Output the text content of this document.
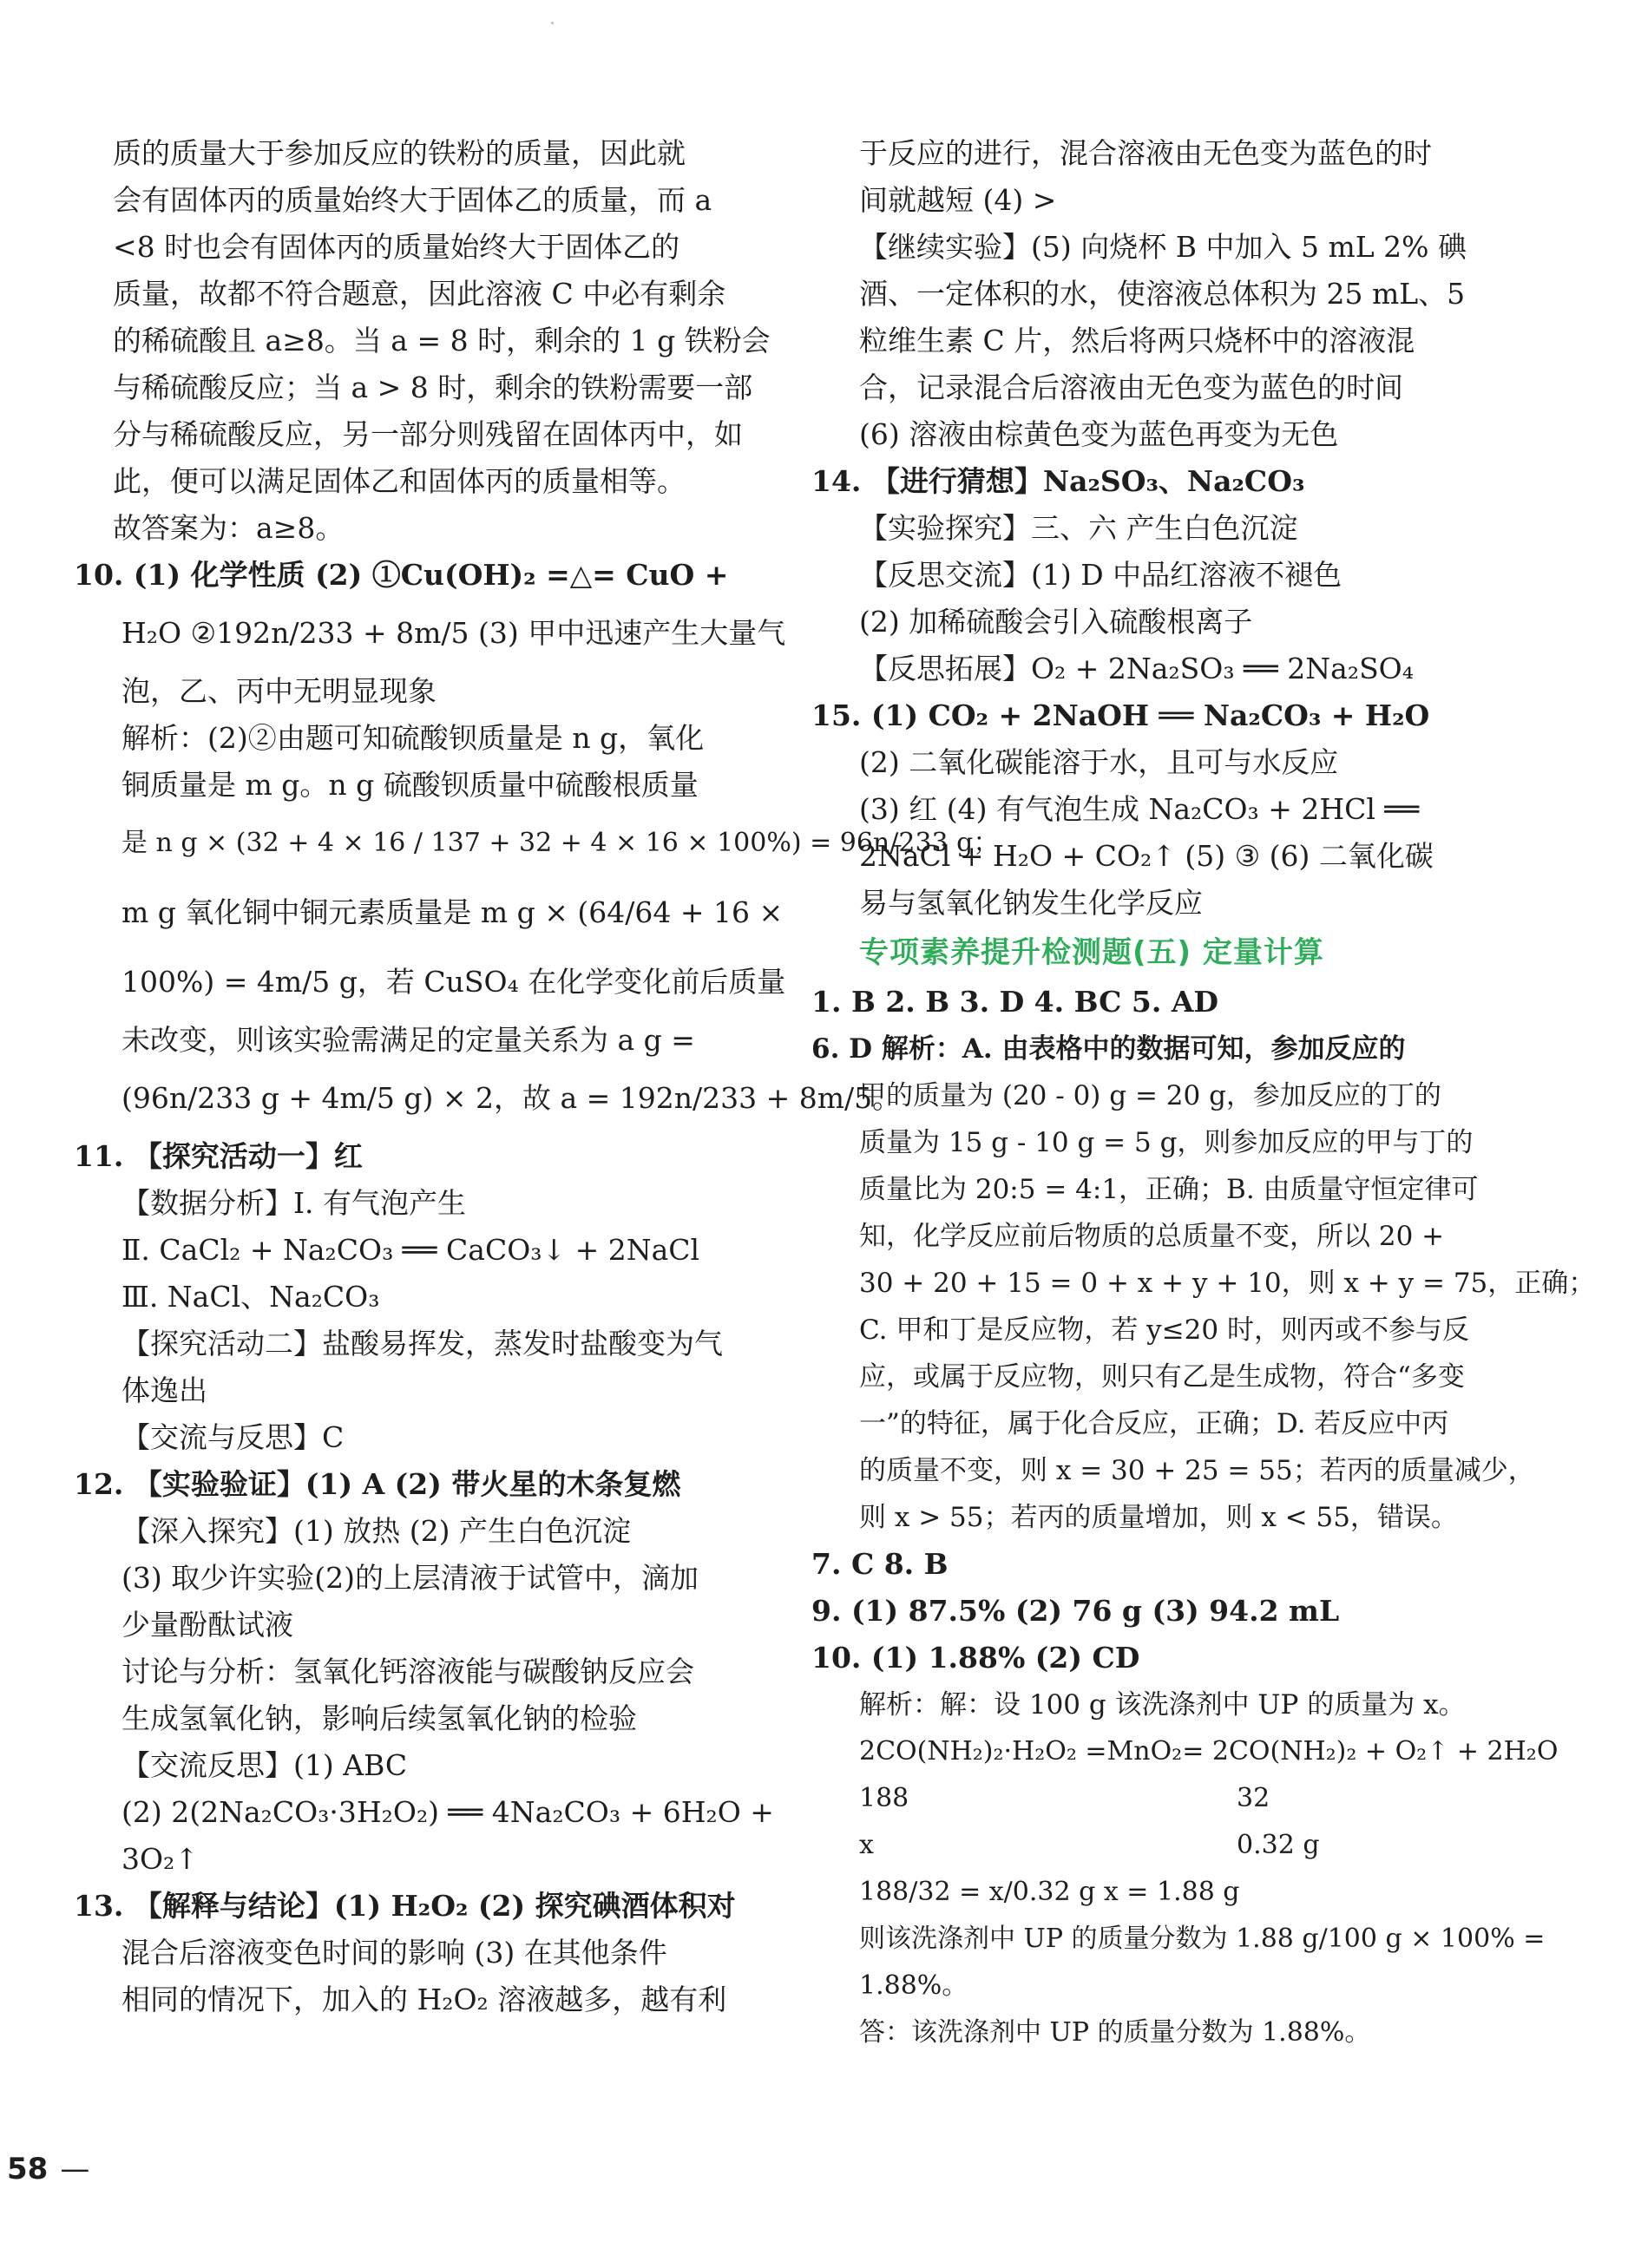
质的质量大于参加反应的铁粉的质量，因此就
会有固体丙的质量始终大于固体乙的质量，而 a
<8 时也会有固体丙的质量始终大于固体乙的
质量，故都不符合题意，因此溶液 C 中必有剩余
的稀硫酸且 a≥8。当 a = 8 时，剩余的 1 g 铁粉会
与稀硫酸反应；当 a > 8 时，剩余的铁粉需要一部
分与稀硫酸反应，另一部分则残留在固体丙中，如
此，便可以满足固体乙和固体丙的质量相等。
故答案为：a≥8。
10. (1) 化学性质 (2) ①Cu(OH)₂ =△= CuO +
H₂O ②192n/233 + 8m/5 (3) 甲中迅速产生大量气
泡，乙、丙中无明显现象
解析：(2)②由题可知硫酸钡质量是 n g，氧化
铜质量是 m g。n g 硫酸钡质量中硫酸根质量
是 n g × (32 + 4 × 16 / 137 + 32 + 4 × 16 × 100%) = 96n/233 g；
m g 氧化铜中铜元素质量是 m g × (64/64 + 16 ×
100%) = 4m/5 g，若 CuSO₄ 在化学变化前后质量
未改变，则该实验需满足的定量关系为 a g =
(96n/233 g + 4m/5 g) × 2，故 a = 192n/233 + 8m/5。
11. 【探究活动一】红
【数据分析】Ⅰ. 有气泡产生
Ⅱ. CaCl₂ + Na₂CO₃ ══ CaCO₃↓ + 2NaCl
Ⅲ. NaCl、Na₂CO₃
【探究活动二】盐酸易挥发，蒸发时盐酸变为气
体逸出
【交流与反思】C
12. 【实验验证】(1) A (2) 带火星的木条复燃
【深入探究】(1) 放热 (2) 产生白色沉淀
(3) 取少许实验(2)的上层清液于试管中，滴加
少量酚酞试液
讨论与分析：氢氧化钙溶液能与碳酸钠反应会
生成氢氧化钠，影响后续氢氧化钠的检验
【交流反思】(1) ABC
(2) 2(2Na₂CO₃·3H₂O₂) ══ 4Na₂CO₃ + 6H₂O +
3O₂↑
13. 【解释与结论】(1) H₂O₂ (2) 探究碘酒体积对
混合后溶液变色时间的影响 (3) 在其他条件
相同的情况下，加入的 H₂O₂ 溶液越多，越有利
于反应的进行，混合溶液由无色变为蓝色的时
间就越短 (4) >
【继续实验】(5) 向烧杯 B 中加入 5 mL 2% 碘
酒、一定体积的水，使溶液总体积为 25 mL、5
粒维生素 C 片，然后将两只烧杯中的溶液混
合，记录混合后溶液由无色变为蓝色的时间
(6) 溶液由棕黄色变为蓝色再变为无色
14. 【进行猜想】Na₂SO₃、Na₂CO₃
【实验探究】三、六 产生白色沉淀
【反思交流】(1) D 中品红溶液不褪色
(2) 加稀硫酸会引入硫酸根离子
【反思拓展】O₂ + 2Na₂SO₃ ══ 2Na₂SO₄
15. (1) CO₂ + 2NaOH ══ Na₂CO₃ + H₂O
(2) 二氧化碳能溶于水，且可与水反应
(3) 红 (4) 有气泡生成 Na₂CO₃ + 2HCl ══
2NaCl + H₂O + CO₂↑ (5) ③ (6) 二氧化碳
易与氢氧化钠发生化学反应
专项素养提升检测题(五) 定量计算
1. B 2. B 3. D 4. BC 5. AD
6. D 解析：A. 由表格中的数据可知，参加反应的
甲的质量为 (20 - 0) g = 20 g，参加反应的丁的
质量为 15 g - 10 g = 5 g，则参加反应的甲与丁的
质量比为 20:5 = 4:1，正确；B. 由质量守恒定律可
知，化学反应前后物质的总质量不变，所以 20 +
30 + 20 + 15 = 0 + x + y + 10，则 x + y = 75，正确；
C. 甲和丁是反应物，若 y≤20 时，则丙或不参与反
应，或属于反应物，则只有乙是生成物，符合“多变
一”的特征，属于化合反应，正确；D. 若反应中丙
的质量不变，则 x = 30 + 25 = 55；若丙的质量减少，
则 x > 55；若丙的质量增加，则 x < 55，错误。
7. C 8. B
9. (1) 87.5% (2) 76 g (3) 94.2 mL
10. (1) 1.88% (2) CD
解析：解：设 100 g 该洗涤剂中 UP 的质量为 x。
2CO(NH₂)₂·H₂O₂ =MnO₂= 2CO(NH₂)₂ + O₂↑ + 2H₂O
188	32
x	0.32 g
188/32 = x/0.32 g x = 1.88 g
则该洗涤剂中 UP 的质量分数为 1.88 g/100 g × 100% =
1.88%。
答：该洗涤剂中 UP 的质量分数为 1.88%。
58 —
